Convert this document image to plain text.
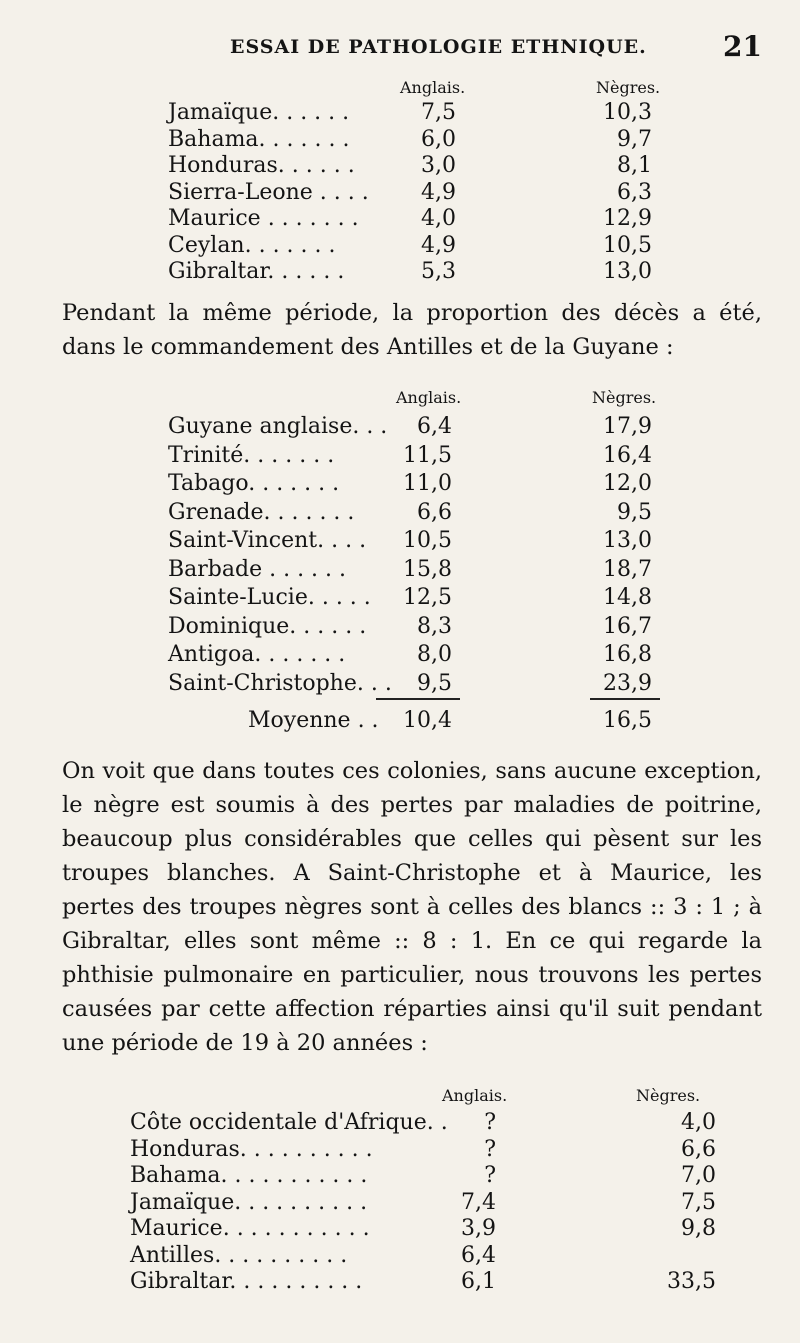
ESSAI DE PATHOLOGIE ETHNIQUE.	21
Anglais.	Nègres.
Jamaïque. . . . . .	7,5	10,3
Bahama. . . . . . .	6,0	9,7
Honduras. . . . . .	3,0	8,1
Sierra-Leone . . . .	4,9	6,3
Maurice . . . . . . .	4,0	12,9
Ceylan. . . . . . .	4,9	10,5
Gibraltar. . . . . .	5,3	13,0

Pendant la même période, la proportion des décès a été, dans le commandement des Antilles et de la Guyane :

Anglais.	Nègres.
Guyane anglaise. . .	6,4	17,9
Trinité. . . . . . .	11,5	16,4
Tabago. . . . . . .	11,0	12,0
Grenade. . . . . . .	6,6	9,5
Saint-Vincent. . . .	10,5	13,0
Barbade . . . . . .	15,8	18,7
Sainte-Lucie. . . . .	12,5	14,8
Dominique. . . . . .	8,3	16,7
Antigoa. . . . . . .	8,0	16,8
Saint-Christophe. . .	9,5	23,9
Moyenne . .	10,4	16,5

On voit que dans toutes ces colonies, sans aucune exception, le nègre est soumis à des pertes par maladies de poitrine, beaucoup plus considérables que celles qui pèsent sur les troupes blanches. A Saint-Christophe et à Maurice, les pertes des troupes nègres sont à celles des blancs :: 3 : 1 ; à Gibraltar, elles sont même :: 8 : 1. En ce qui regarde la phthisie pulmonaire en particulier, nous trouvons les pertes causées par cette affection réparties ainsi qu'il suit pendant une période de 19 à 20 années :

Anglais.	Nègres.
Côte occidentale d'Afrique. .	?	4,0
Honduras. . . . . . . . . .	?	6,6
Bahama. . . . . . . . . . .	?	7,0
Jamaïque. . . . . . . . . .	7,4	7,5
Maurice. . . . . . . . . . .	3,9	9,8
Antilles. . . . . . . . . .	6,4
Gibraltar. . . . . . . . . .	6,1	33,5
